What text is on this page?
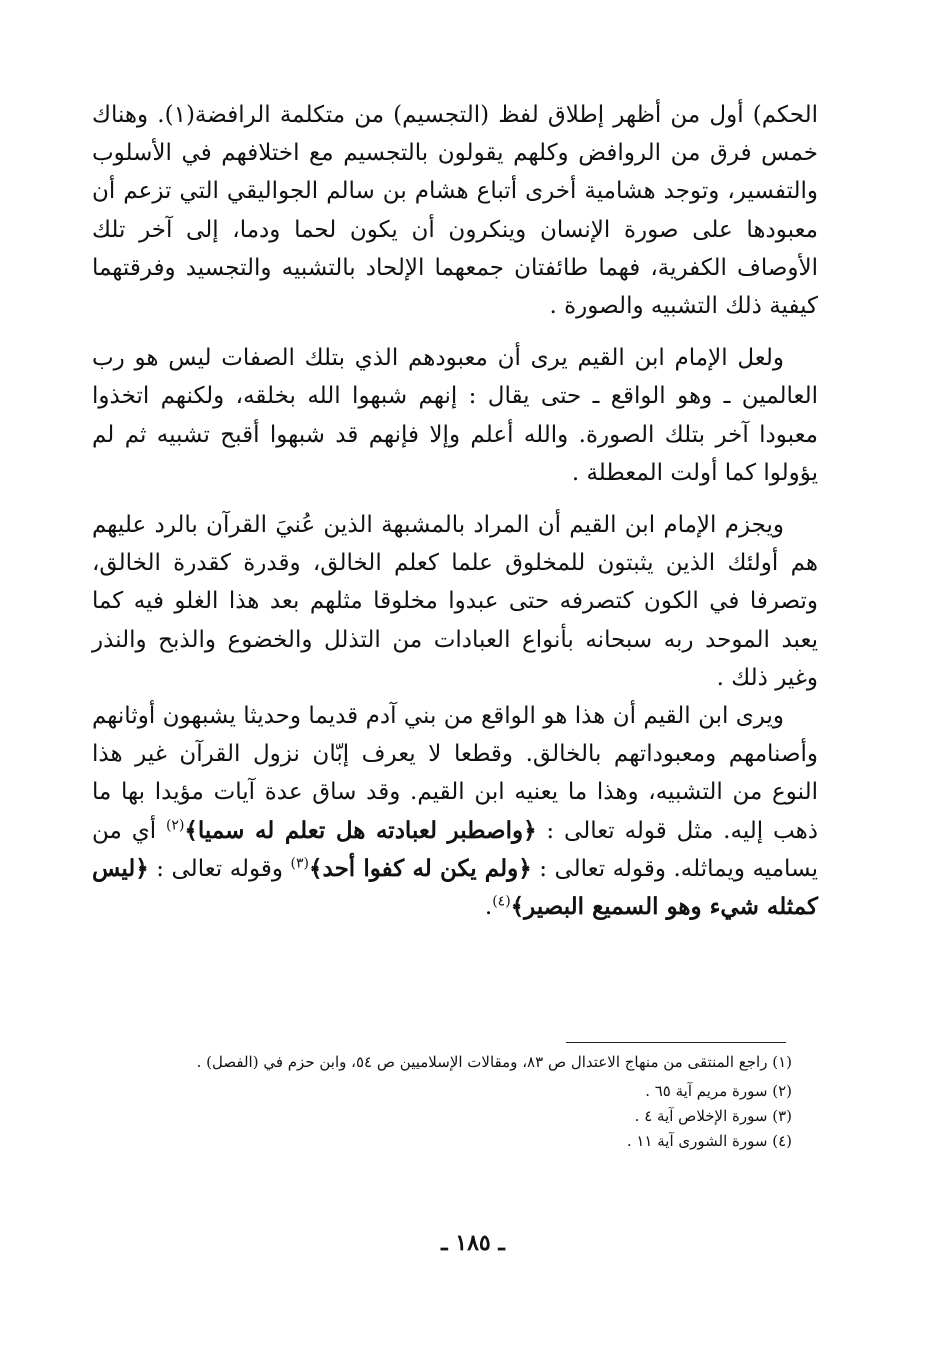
الحكم) أول من أظهر إطلاق لفظ (التجسيم) من متكلمة الرافضة(١). وهناك خمس فرق من الروافض وكلهم يقولون بالتجسيم مع اختلافهم في الأسلوب والتفسير، وتوجد هشامية أخرى أتباع هشام بن سالم الجواليقي التي تزعم أن معبودها على صورة الإنسان وينكرون أن يكون لحما ودما، إلى آخر تلك الأوصاف الكفرية، فهما طائفتان جمعهما الإلحاد بالتشبيه والتجسيد وفرقتهما كيفية ذلك التشبيه والصورة .

ولعل الإمام ابن القيم يرى أن معبودهم الذي بتلك الصفات ليس هو رب العالمين ـ وهو الواقع ـ حتى يقال : إنهم شبهوا الله بخلقه، ولكنهم اتخذوا معبودا آخر بتلك الصورة. والله أعلم وإلا فإنهم قد شبهوا أقبح تشبيه ثم لم يؤولوا كما أولت المعطلة .

ويجزم الإمام ابن القيم أن المراد بالمشبهة الذين عُنيَ القرآن بالرد عليهم هم أولئك الذين يثبتون للمخلوق علما كعلم الخالق، وقدرة كقدرة الخالق، وتصرفا في الكون كتصرفه حتى عبدوا مخلوقا مثلهم بعد هذا الغلو فيه كما يعبد الموحد ربه سبحانه بأنواع العبادات من التذلل والخضوع والذبح والنذر وغير ذلك .

ويرى ابن القيم أن هذا هو الواقع من بني آدم قديما وحديثا يشبهون أوثانهم وأصنامهم ومعبوداتهم بالخالق. وقطعا لا يعرف إبّان نزول القرآن غير هذا النوع من التشبيه، وهذا ما يعنيه ابن القيم. وقد ساق عدة آيات مؤيدا بها ما ذهب إليه. مثل قوله تعالى : ﴿واصطبر لعبادته هل تعلم له سميا﴾$^{(٢)}$ أي من يساميه ويماثله. وقوله تعالى : ﴿ولم يكن له كفوا أحد﴾$^{(٣)}$ وقوله تعالى : ﴿ليس كمثله شيء وهو السميع البصير﴾$^{(٤)}$.

(١) راجع المنتقى من منهاج الاعتدال ص ٨٣، ومقالات الإسلاميين ص ٥٤، وابن حزم في (الفصل) .

(٢) سورة مريم آية ٦٥ .

(٣) سورة الإخلاص آية ٤ .

(٤) سورة الشورى آية ١١ .

ـ ١٨٥ ـ
